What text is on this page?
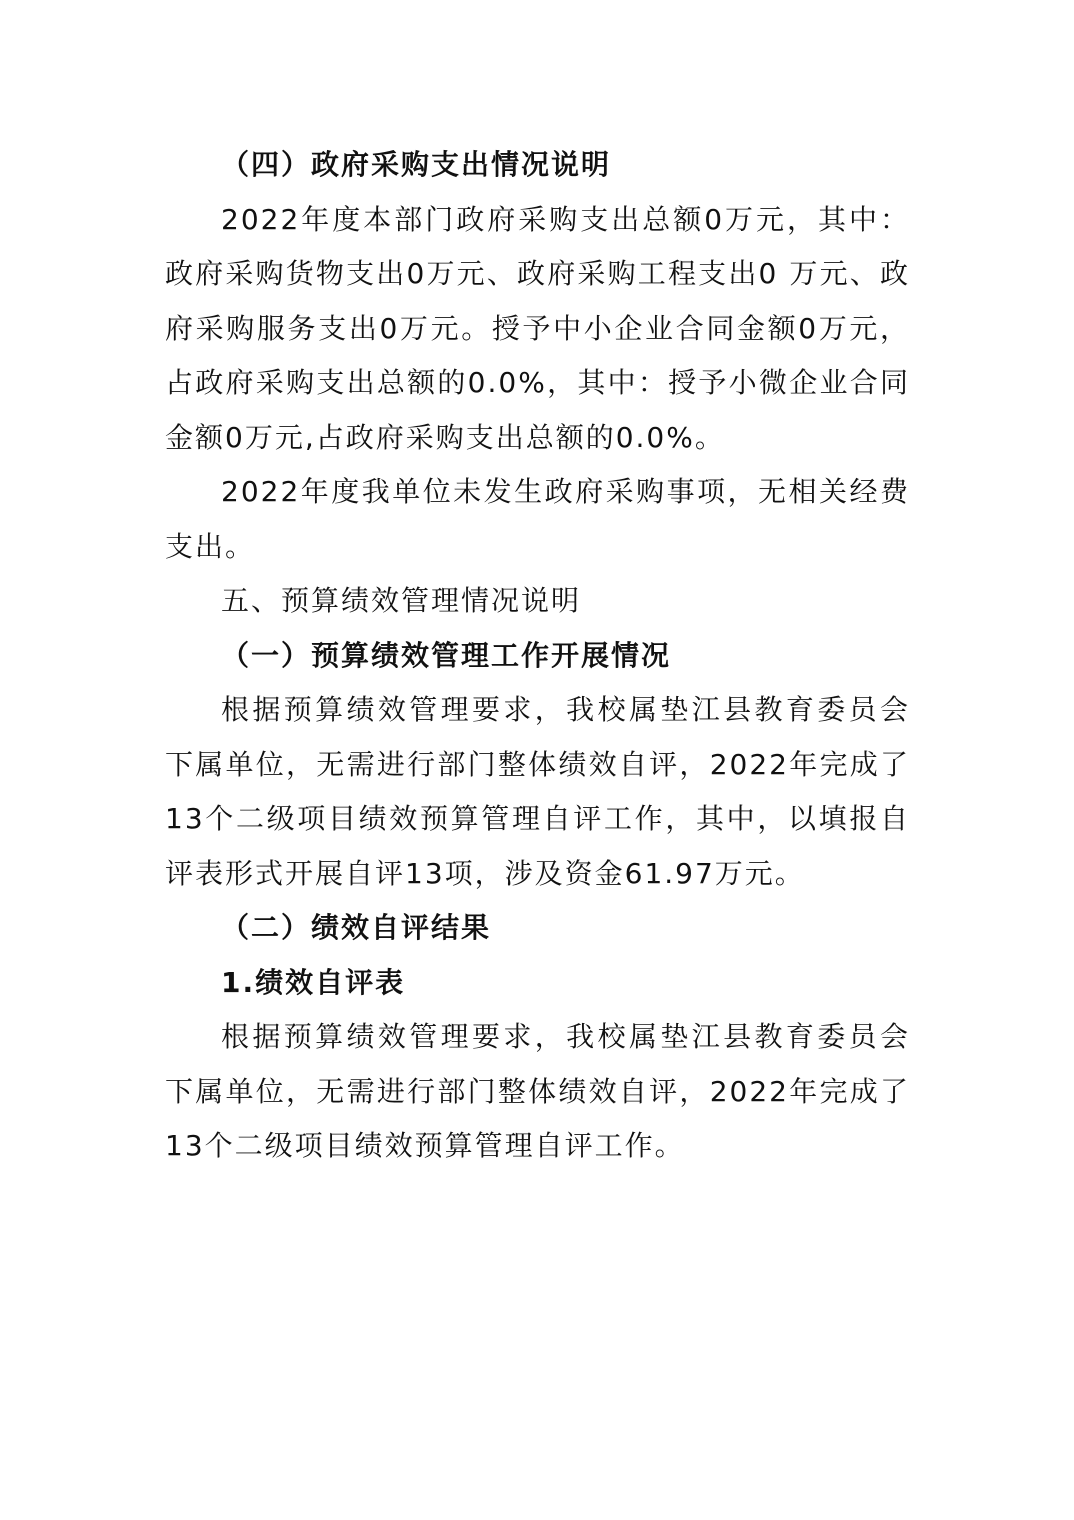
（四）政府采购支出情况说明

2022年度本部门政府采购支出总额0万元，其中：政府采购货物支出0万元、政府采购工程支出0 万元、政府采购服务支出0万元。授予中小企业合同金额0万元，占政府采购支出总额的0.0%，其中：授予小微企业合同金额0万元,占政府采购支出总额的0.0%。

2022年度我单位未发生政府采购事项，无相关经费支出。

五、预算绩效管理情况说明

（一）预算绩效管理工作开展情况

根据预算绩效管理要求，我校属垫江县教育委员会下属单位，无需进行部门整体绩效自评，2022年完成了13个二级项目绩效预算管理自评工作，其中，以填报自评表形式开展自评13项，涉及资金61.97万元。

（二）绩效自评结果

1.绩效自评表

根据预算绩效管理要求，我校属垫江县教育委员会下属单位，无需进行部门整体绩效自评，2022年完成了13个二级项目绩效预算管理自评工作。
